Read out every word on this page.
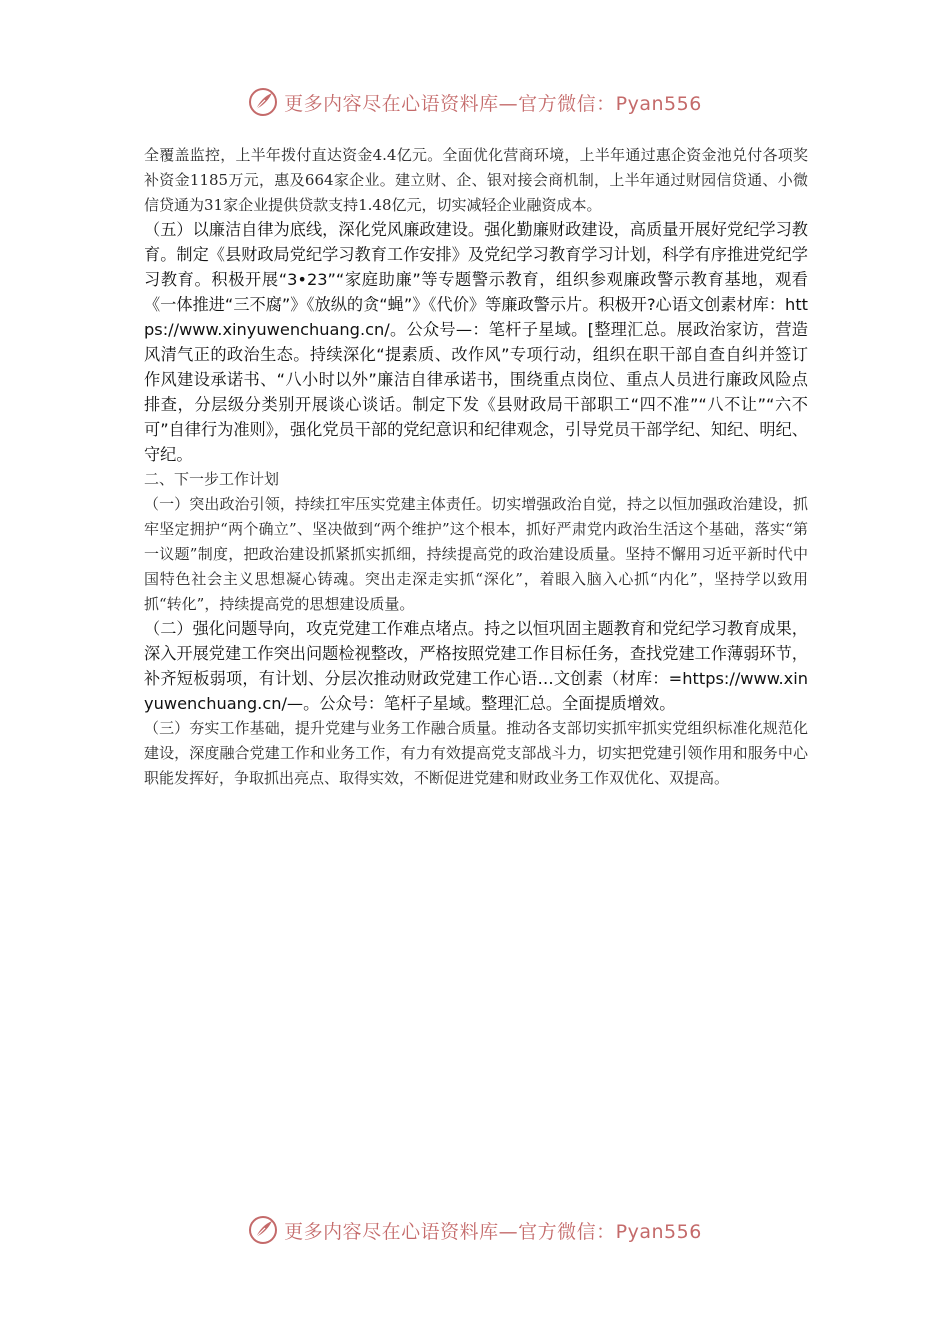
更多内容尽在心语资料库—官方微信：Pyan556

全覆盖监控，上半年拨付直达资金4.4亿元。全面优化营商环境，上半年通过惠企资金池兑付各项奖补资金1185万元，惠及664家企业。建立财、企、银对接会商机制，上半年通过财园信贷通、小微信贷通为31家企业提供贷款支持1.48亿元，切实减轻企业融资成本。

（五）以廉洁自律为底线，深化党风廉政建设。强化勤廉财政建设，高质量开展好党纪学习教育。制定《县财政局党纪学习教育工作安排》及党纪学习教育学习计划，科学有序推进党纪学习教育。积极开展“3•23”“家庭助廉”等专题警示教育，组织参观廉政警示教育基地，观看《一体推进“三不腐”》《放纵的贪“蝇”》《代价》等廉政警示片。积极开?心语文创素材库：https://www.xinyuwenchuang.cn/。公众号—：笔杆子星域。[整理汇总。展政治家访，营造风清气正的政治生态。持续深化“提素质、改作风”专项行动，组织在职干部自查自纠并签订作风建设承诺书、“八小时以外”廉洁自律承诺书，围绕重点岗位、重点人员进行廉政风险点排查，分层级分类别开展谈心谈话。制定下发《县财政局干部职工“四不准”“八不让”“六不可”自律行为准则》，强化党员干部的党纪意识和纪律观念，引导党员干部学纪、知纪、明纪、守纪。

二、下一步工作计划

（一）突出政治引领，持续扛牢压实党建主体责任。切实增强政治自觉，持之以恒加强政治建设，抓牢坚定拥护“两个确立”、坚决做到“两个维护”这个根本，抓好严肃党内政治生活这个基础，落实“第一议题”制度，把政治建设抓紧抓实抓细，持续提高党的政治建设质量。坚持不懈用习近平新时代中国特色社会主义思想凝心铸魂。突出走深走实抓“深化”，着眼入脑入心抓“内化”，坚持学以致用抓“转化”，持续提高党的思想建设质量。

（二）强化问题导向，攻克党建工作难点堵点。持之以恒巩固主题教育和党纪学习教育成果，深入开展党建工作突出问题检视整改，严格按照党建工作目标任务，查找党建工作薄弱环节，补齐短板弱项，有计划、分层次推动财政党建工作心语…文创素（材库：=https://www.xinyuwenchuang.cn/—。公众号：笔杆子星域。整理汇总。全面提质增效。

（三）夯实工作基础，提升党建与业务工作融合质量。推动各支部切实抓牢抓实党组织标准化规范化建设，深度融合党建工作和业务工作，有力有效提高党支部战斗力，切实把党建引领作用和服务中心职能发挥好，争取抓出亮点、取得实效，不断促进党建和财政业务工作双优化、双提高。

更多内容尽在心语资料库—官方微信：Pyan556
